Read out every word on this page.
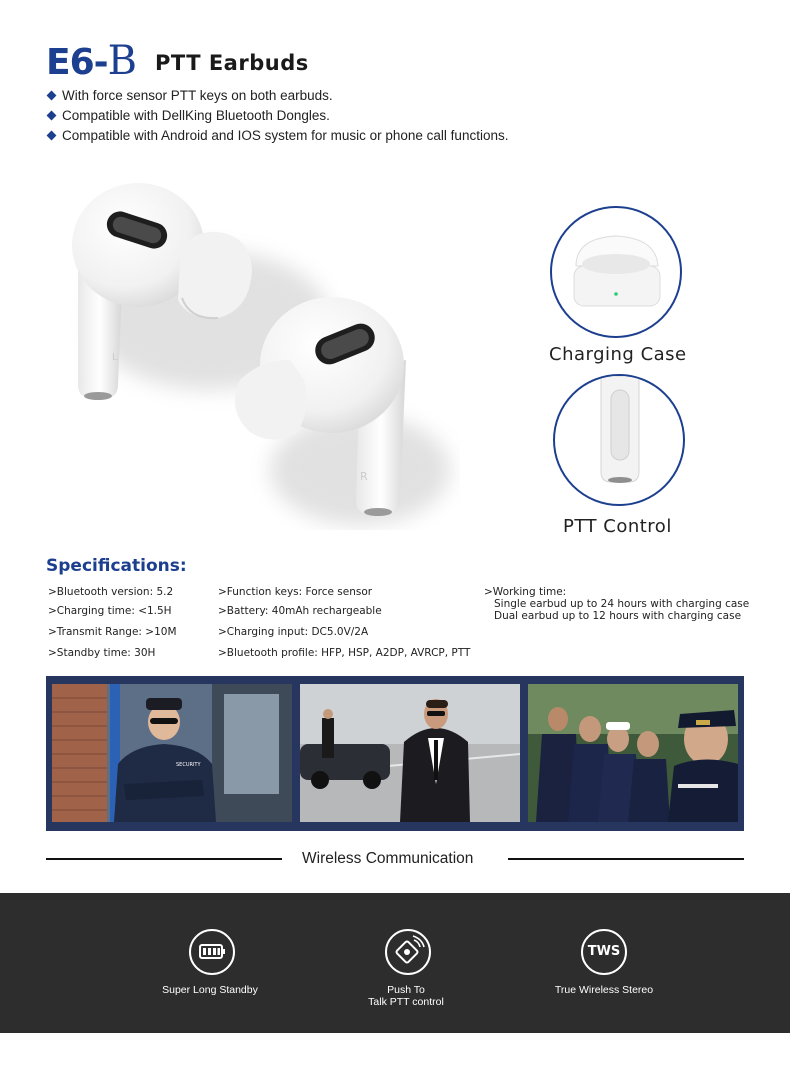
E6-B PTT Earbuds
With force sensor PTT keys on both earbuds.
Compatible with DellKing Bluetooth Dongles.
Compatible with Android and IOS system for music or phone call functions.
L
R
Charging Case
PTT Control
Specifications:
>Bluetooth version: 5.2
>Charging time: <1.5H
>Transmit Range: >10M
>Standby time: 30H
>Function keys: Force sensor
>Battery: 40mAh rechargeable
>Charging input: DC5.0V/2A
>Bluetooth profile: HFP, HSP, A2DP, AVRCP, PTT
>Working time:
Single earbud up to 24 hours with charging case
Dual earbud up to 12 hours with charging case
SECURITY
Wireless Communication
Super Long Standby	Push To
Talk PTT control
TWS
True Wireless Stereo
